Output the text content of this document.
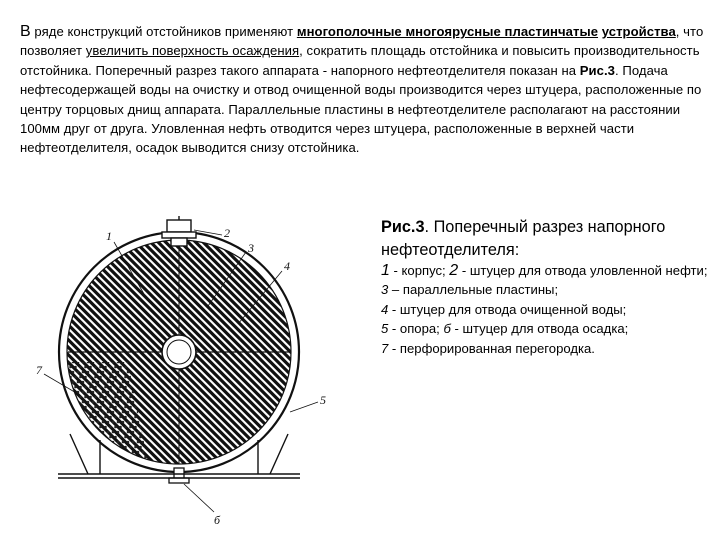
В ряде конструкций отстойников применяют многополочные многоярусные пластинчатые устройства, что позволяет увеличить поверхность осаждения, сократить площадь отстойника и повысить производительность отстойника. Поперечный разрез такого аппарата - напорного нефтеотделителя показан на Рис.3. Подача нефтесодержащей воды на очистку и отвод очищенной воды производится через штуцера, расположенные по центру торцовых днищ аппарата. Параллельные пластины в нефтеотделителе располагают на расстоянии 100мм друг от друга. Уловленная нефть отводится через штуцера, расположенные в верхней части нефтеотделителя, осадок выводится снизу отстойника.
1	2
3
4
5
б
7
Рис.3. Поперечный разрез напорного нефтеотделителя:
1 - корпус; 2 - штуцер для отвода уловленной нефти;
3 – параллельные пластины;
4 - штуцер для отвода очищенной воды;
5 - опора; б - штуцер для отвода осадка;
7 - перфорированная перегородка.
